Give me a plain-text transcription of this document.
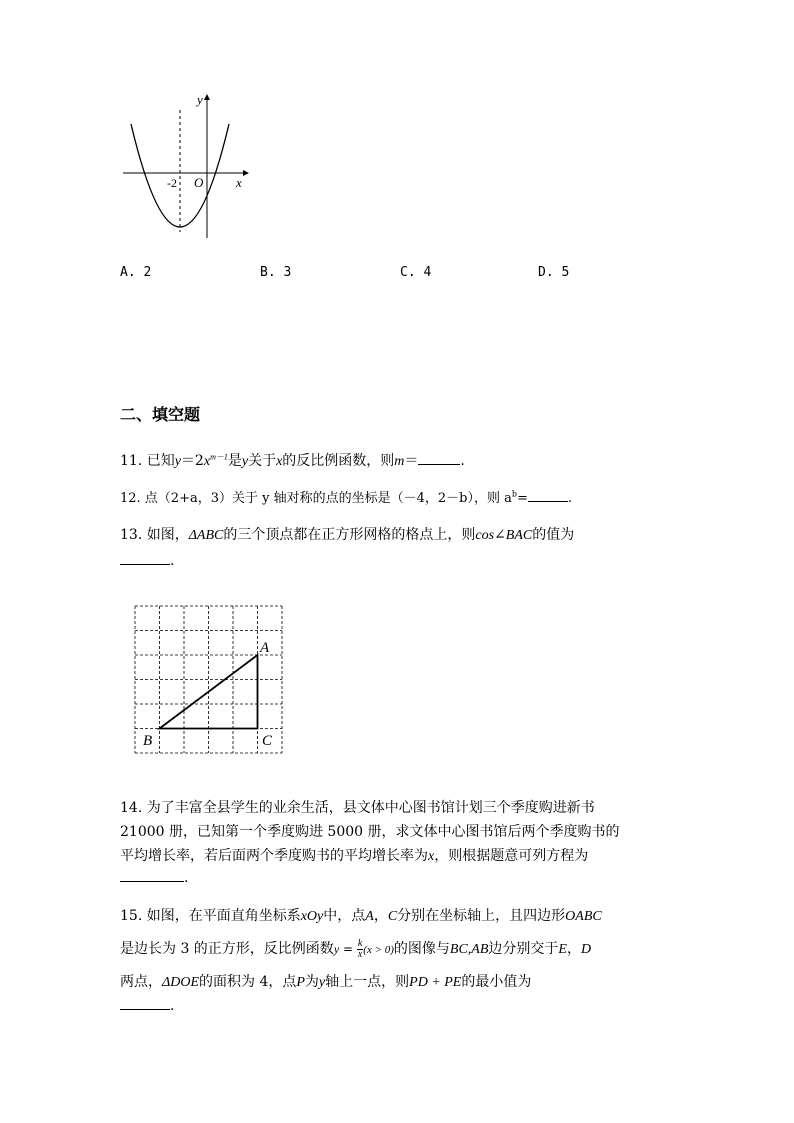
y
x
O
-2
A. 2	B. 3	C. 4	D. 5
二、填空题
11. 已知$y=2x^{m-1}$是y关于x的反比例函数，则m＝	.
12. 点（2+a，3）关于 y 轴对称的点的坐标是（－4，2－b），则 $a^b=$	.
13. 如图，ΔABC的三个顶点都在正方形网格的格点上，则cos∠BAC的值为
.
A
B	C
14. 为了丰富全县学生的业余生活，县文体中心图书馆计划三个季度购进新书
21000 册，已知第一个季度购进 5000 册，求文体中心图书馆后两个季度购书的
平均增长率，若后面两个季度购书的平均增长率为x，则根据题意可列方程为
.
15. 如图，在平面直角坐标系xOy中，点A，C分别在坐标轴上，且四边形OABC
是边长为 3 的正方形，反比例函数$y = \frac{k}{x} (x > 0)$的图像与BC,AB边分别交于E，D
两点，ΔDOE的面积为 4，点P为y轴上一点，则PD + PE的最小值为
.
